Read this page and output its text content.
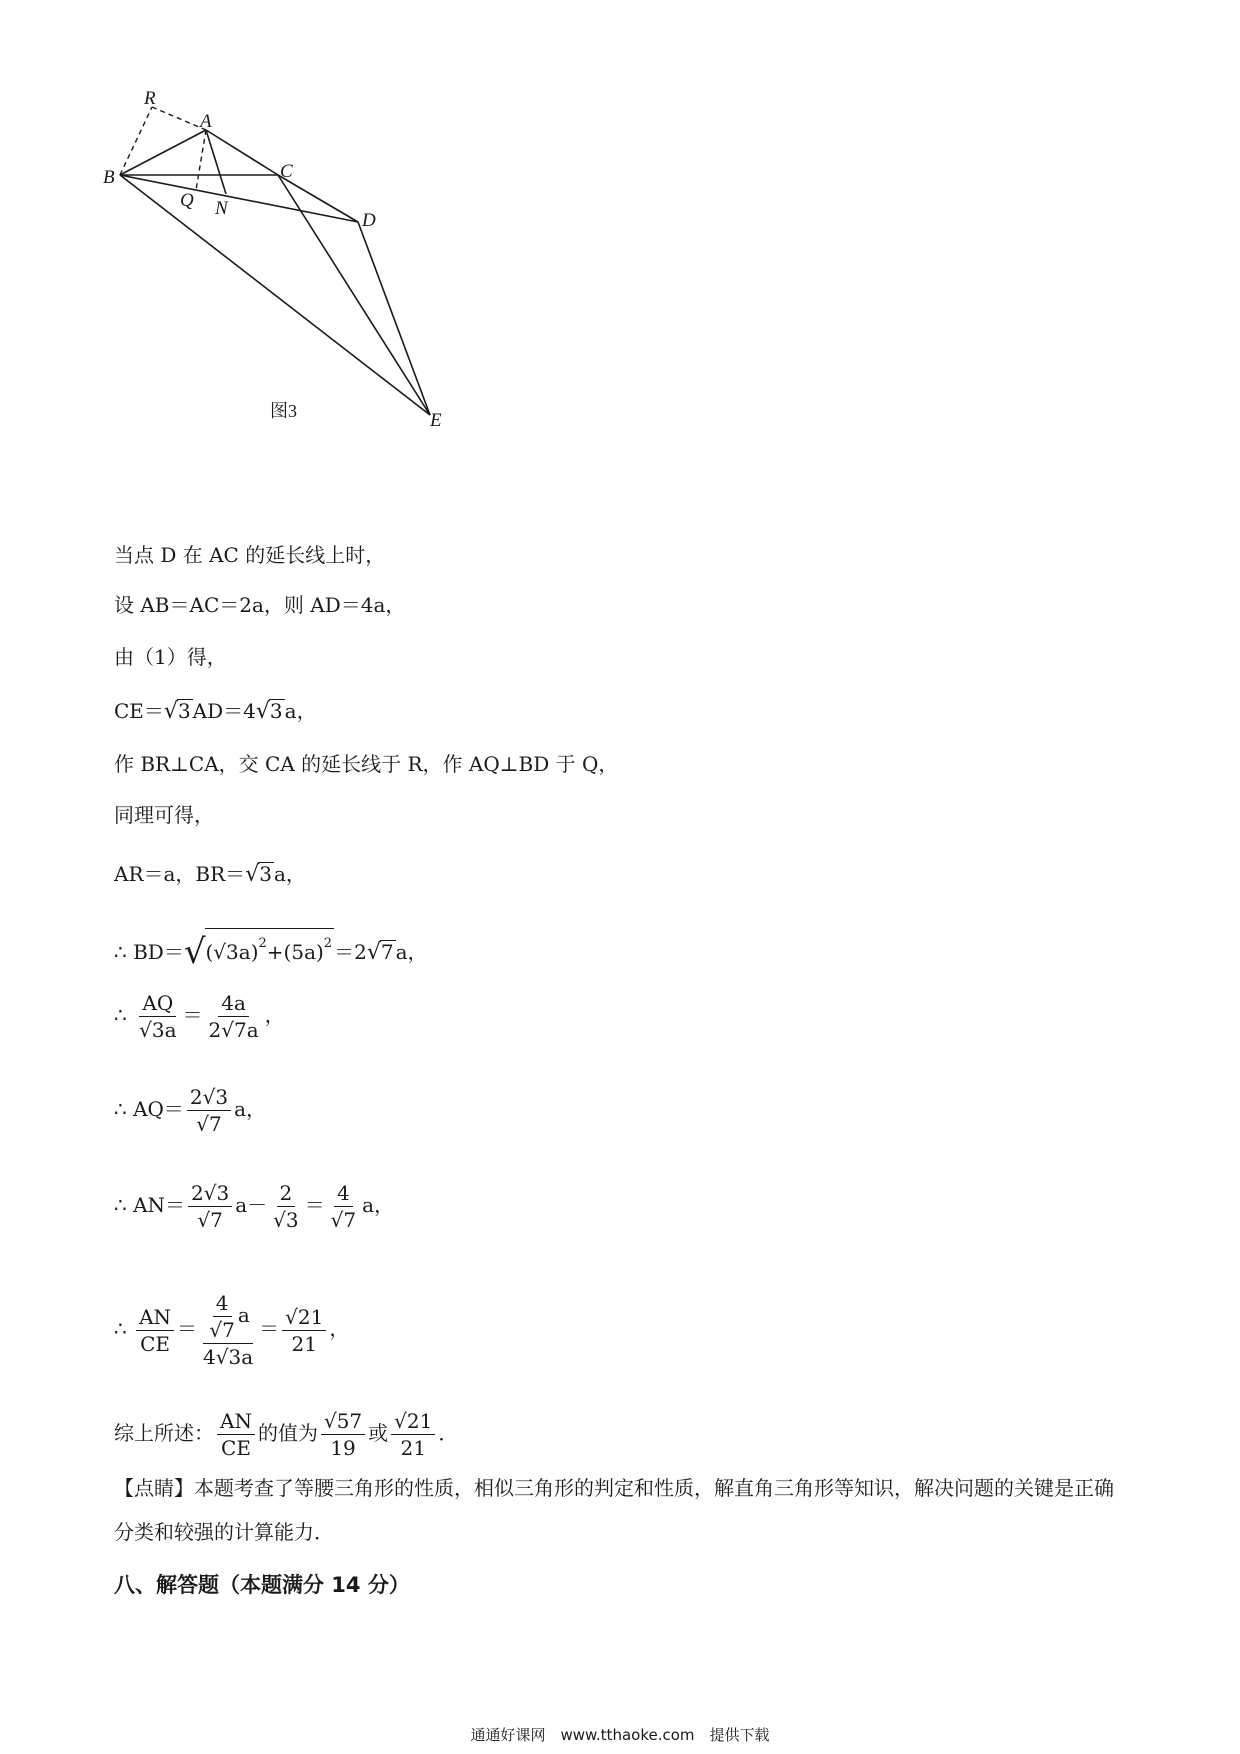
R
A
B	C
Q N
D
E
图3
当点 D 在 AC 的延长线上时，
设 AB＝AC＝2a，则 AD＝4a，
由（1）得，
CE＝√3 AD＝4√3 a，
作 BR⊥CA，交 CA 的延长线于 R，作 AQ⊥BD 于 Q，
同理可得，
AR＝a，BR＝√3 a，
∴ $BD=√(√3a)^2+(5a)^2 =2√7$ a，
∴ $\frac{AQ}{√3a} = \frac{4a}{2√7a}$ ，
∴ $AQ= \frac{2√3}{√7}$ a，
∴ $AN= \frac{2√3}{√7} a- \frac{2}{√3} = \frac{4}{√7}$ a，
∴ $\frac{AN}{CE} = \frac{\frac{4}{√7} a}{4√3a} = \frac{√21}{21}$ ，
综上所述： $\frac{AN}{CE}$ 的值为 $\frac{√57}{19}$ 或 $\frac{√21}{21}$ ．
【点睛】本题考查了等腰三角形的性质，相似三角形的判定和性质，解直角三角形等知识，解决问题的关键是正确分类和较强的计算能力．
八、解答题（本题满分 14 分）
通通好课网　www.tthaoke.com　提供下载
